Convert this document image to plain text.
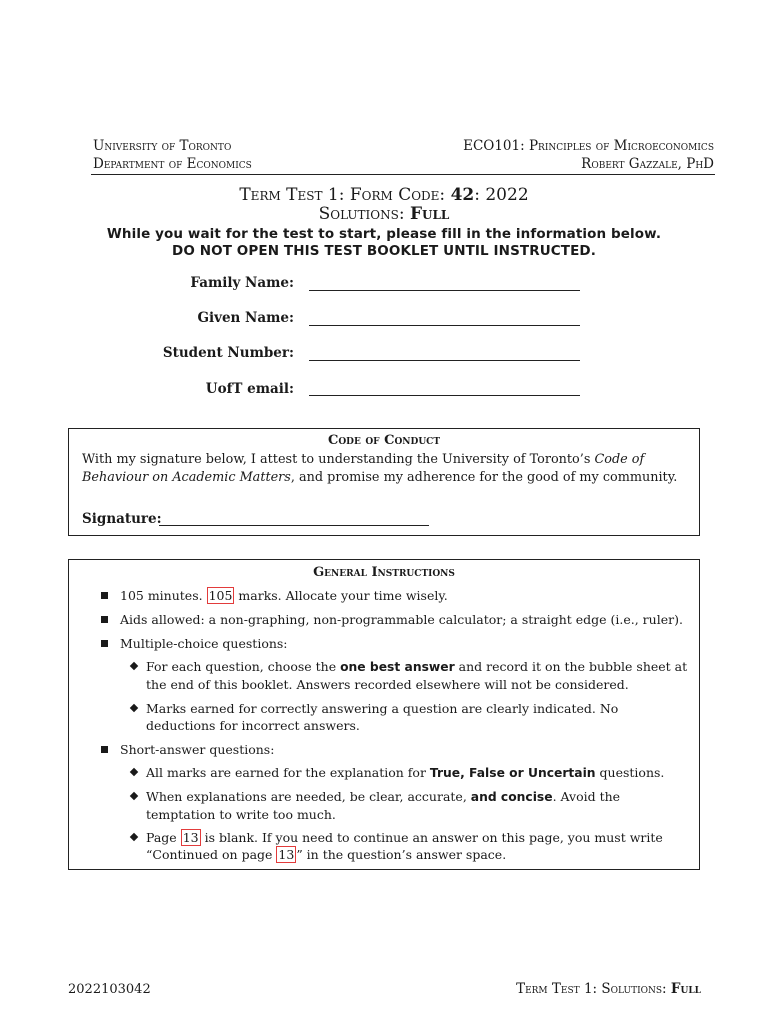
University of Toronto
Department of Economics
ECO101: Principles of Microeconomics
Robert Gazzale, PhD
Term Test 1: Form Code: 42: 2022
Solutions: Full
While you wait for the test to start, please fill in the information below.
DO NOT OPEN THIS TEST BOOKLET UNTIL INSTRUCTED.
Family Name:
Given Name:
Student Number:
UofT email:
Code of Conduct
With my signature below, I attest to understanding the University of Toronto’s Code of Behaviour on Academic Matters, and promise my adherence for the good of my community.
Signature:
General Instructions
105 minutes. 105 marks. Allocate your time wisely.
Aids allowed: a non-graphing, non-programmable calculator; a straight edge (i.e., ruler).
Multiple-choice questions:
For each question, choose the one best answer and record it on the bubble sheet at the end of this booklet. Answers recorded elsewhere will not be considered.
Marks earned for correctly answering a question are clearly indicated. No deductions for incorrect answers.
Short-answer questions:
All marks are earned for the explanation for True, False or Uncertain questions.
When explanations are needed, be clear, accurate, and concise. Avoid the temptation to write too much.
Page 13 is blank. If you need to continue an answer on this page, you must write “Continued on page 13 ” in the question’s answer space.
2022103042	Term Test 1: Solutions: Full
